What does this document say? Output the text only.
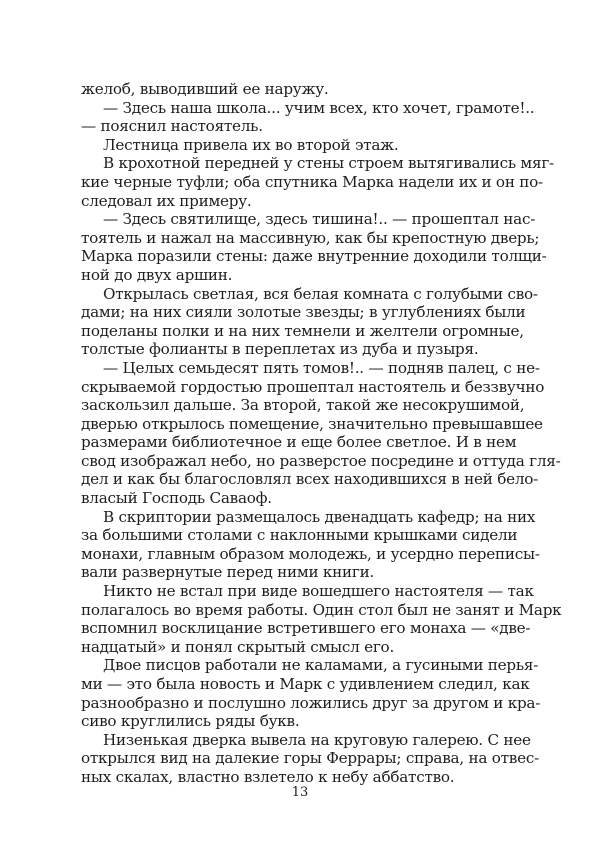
желоб, выводивший ее наружу.
— Здесь наша школа... учим всех, кто хочет, грамоте!..
— пояснил настоятель.
Лестница привела их во второй этаж.
В крохотной передней у стены строем вытягивались мяг-
кие черные туфли; оба спутника Марка надели их и он по-
следовал их примеру.
— Здесь святилище, здесь тишина!.. — прошептал нас-
тоятель и нажал на массивную, как бы крепостную дверь;
Марка поразили стены: даже внутренние доходили толщи-
ной до двух аршин.
Открылась светлая, вся белая комната с голубыми сво-
дами; на них сияли золотые звезды; в углублениях были
поделаны полки и на них темнели и желтели огромные,
толстые фолианты в переплетах из дуба и пузыря.
— Целых семьдесят пять томов!.. — подняв палец, с не-
скрываемой гордостью прошептал настоятель и беззвучно
заскользил дальше. За второй, такой же несокрушимой,
дверью открылось помещение, значительно превышавшее
размерами библиотечное и еще более светлое. И в нем
свод изображал небо, но разверстое посредине и оттуда гля-
дел и как бы благословлял всех находившихся в ней бело-
власый Господь Саваоф.
В скриптории размещалось двенадцать кафедр; на них
за большими столами с наклонными крышками сидели
монахи, главным образом молодежь, и усердно переписы-
вали развернутые перед ними книги.
Никто не встал при виде вошедшего настоятеля — так
полагалось во время работы. Один стол был не занят и Марк
вспомнил восклицание встретившего его монаха — «две-
надцатый» и понял скрытый смысл его.
Двое писцов работали не каламами, а гусиными перья-
ми — это была новость и Марк с удивлением следил, как
разнообразно и послушно ложились друг за другом и кра-
сиво круглились ряды букв.
Низенькая дверка вывела на круговую галерею. С нее
открылся вид на далекие горы Феррары; справа, на отвес-
ных скалах, властно взлетело к небу аббатство.
13
